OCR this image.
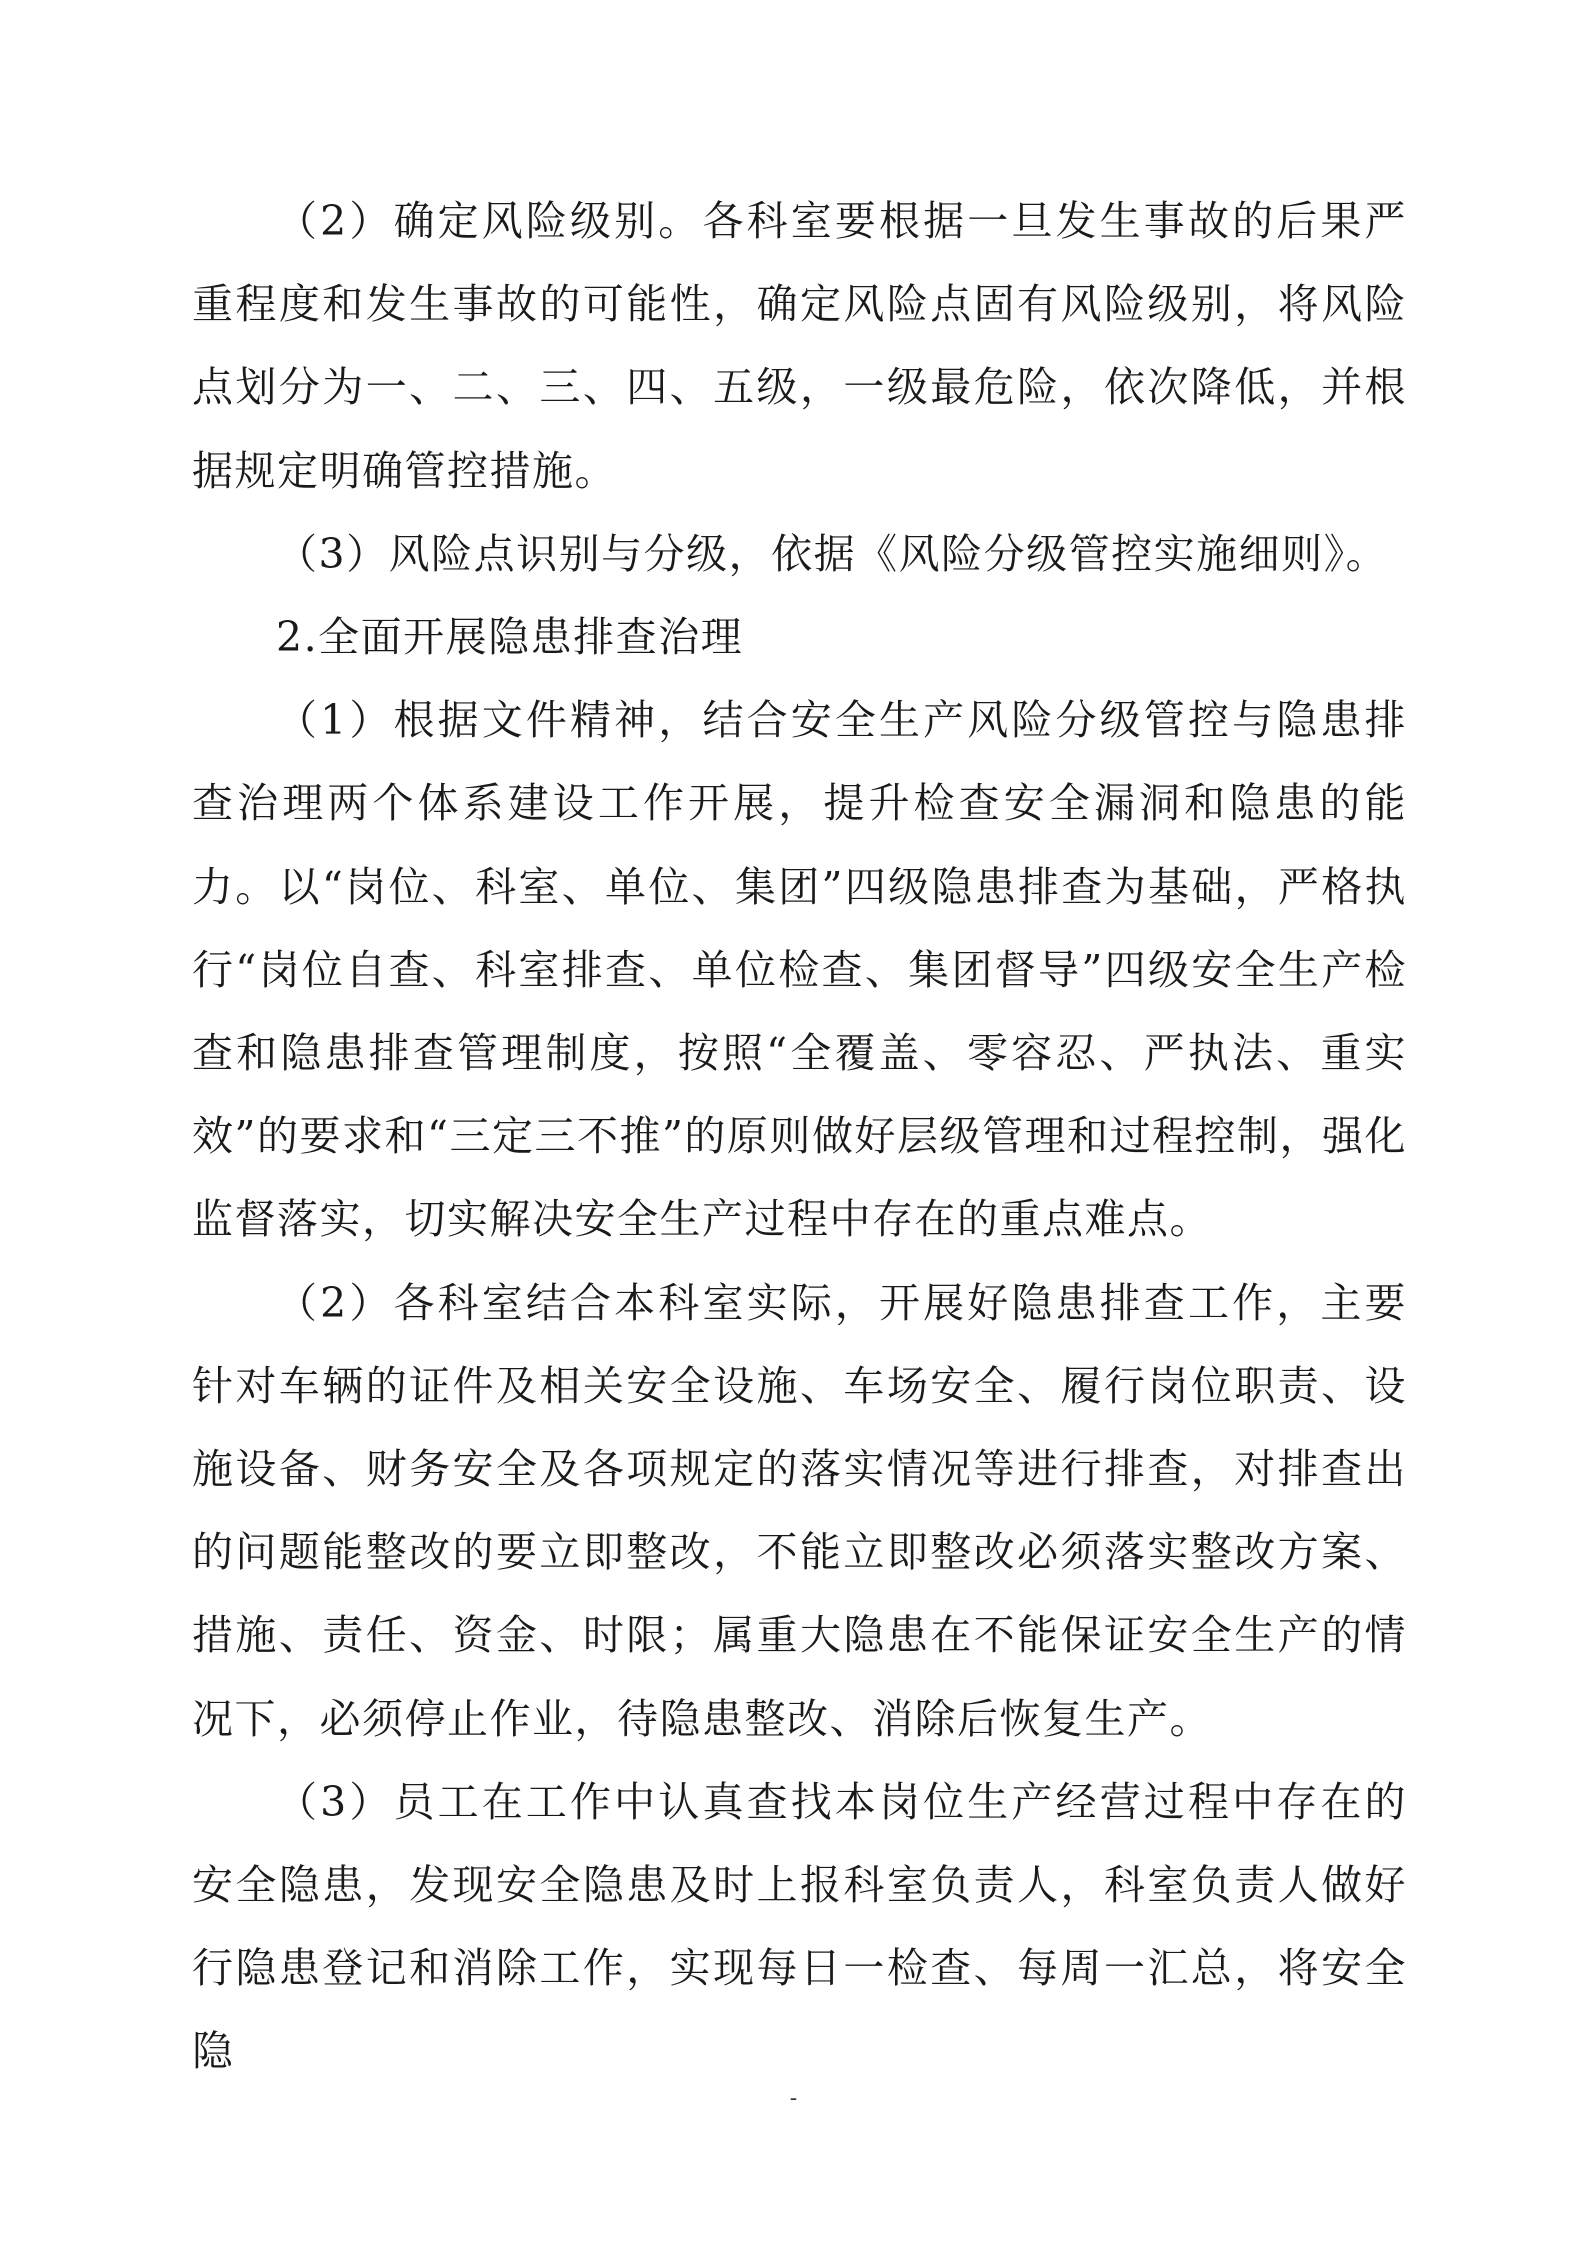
（2）确定风险级别。各科室要根据一旦发生事故的后果严重程度和发生事故的可能性，确定风险点固有风险级别，将风险点划分为一、二、三、四、五级，一级最危险，依次降低，并根据规定明确管控措施。

（3）风险点识别与分级，依据《风险分级管控实施细则》。

2.全面开展隐患排查治理

（1）根据文件精神，结合安全生产风险分级管控与隐患排查治理两个体系建设工作开展，提升检查安全漏洞和隐患的能力。以“岗位、科室、单位、集团”四级隐患排查为基础，严格执行“岗位自查、科室排查、单位检查、集团督导”四级安全生产检查和隐患排查管理制度，按照“全覆盖、零容忍、严执法、重实效”的要求和“三定三不推”的原则做好层级管理和过程控制，强化监督落实，切实解决安全生产过程中存在的重点难点。

（2）各科室结合本科室实际，开展好隐患排查工作，主要针对车辆的证件及相关安全设施、车场安全、履行岗位职责、设施设备、财务安全及各项规定的落实情况等进行排查，对排查出的问题能整改的要立即整改，不能立即整改必须落实整改方案、措施、责任、资金、时限；属重大隐患在不能保证安全生产的情况下，必须停止作业，待隐患整改、消除后恢复生产。

（3）员工在工作中认真查找本岗位生产经营过程中存在的安全隐患，发现安全隐患及时上报科室负责人，科室负责人做好行隐患登记和消除工作，实现每日一检查、每周一汇总，将安全隐

-
